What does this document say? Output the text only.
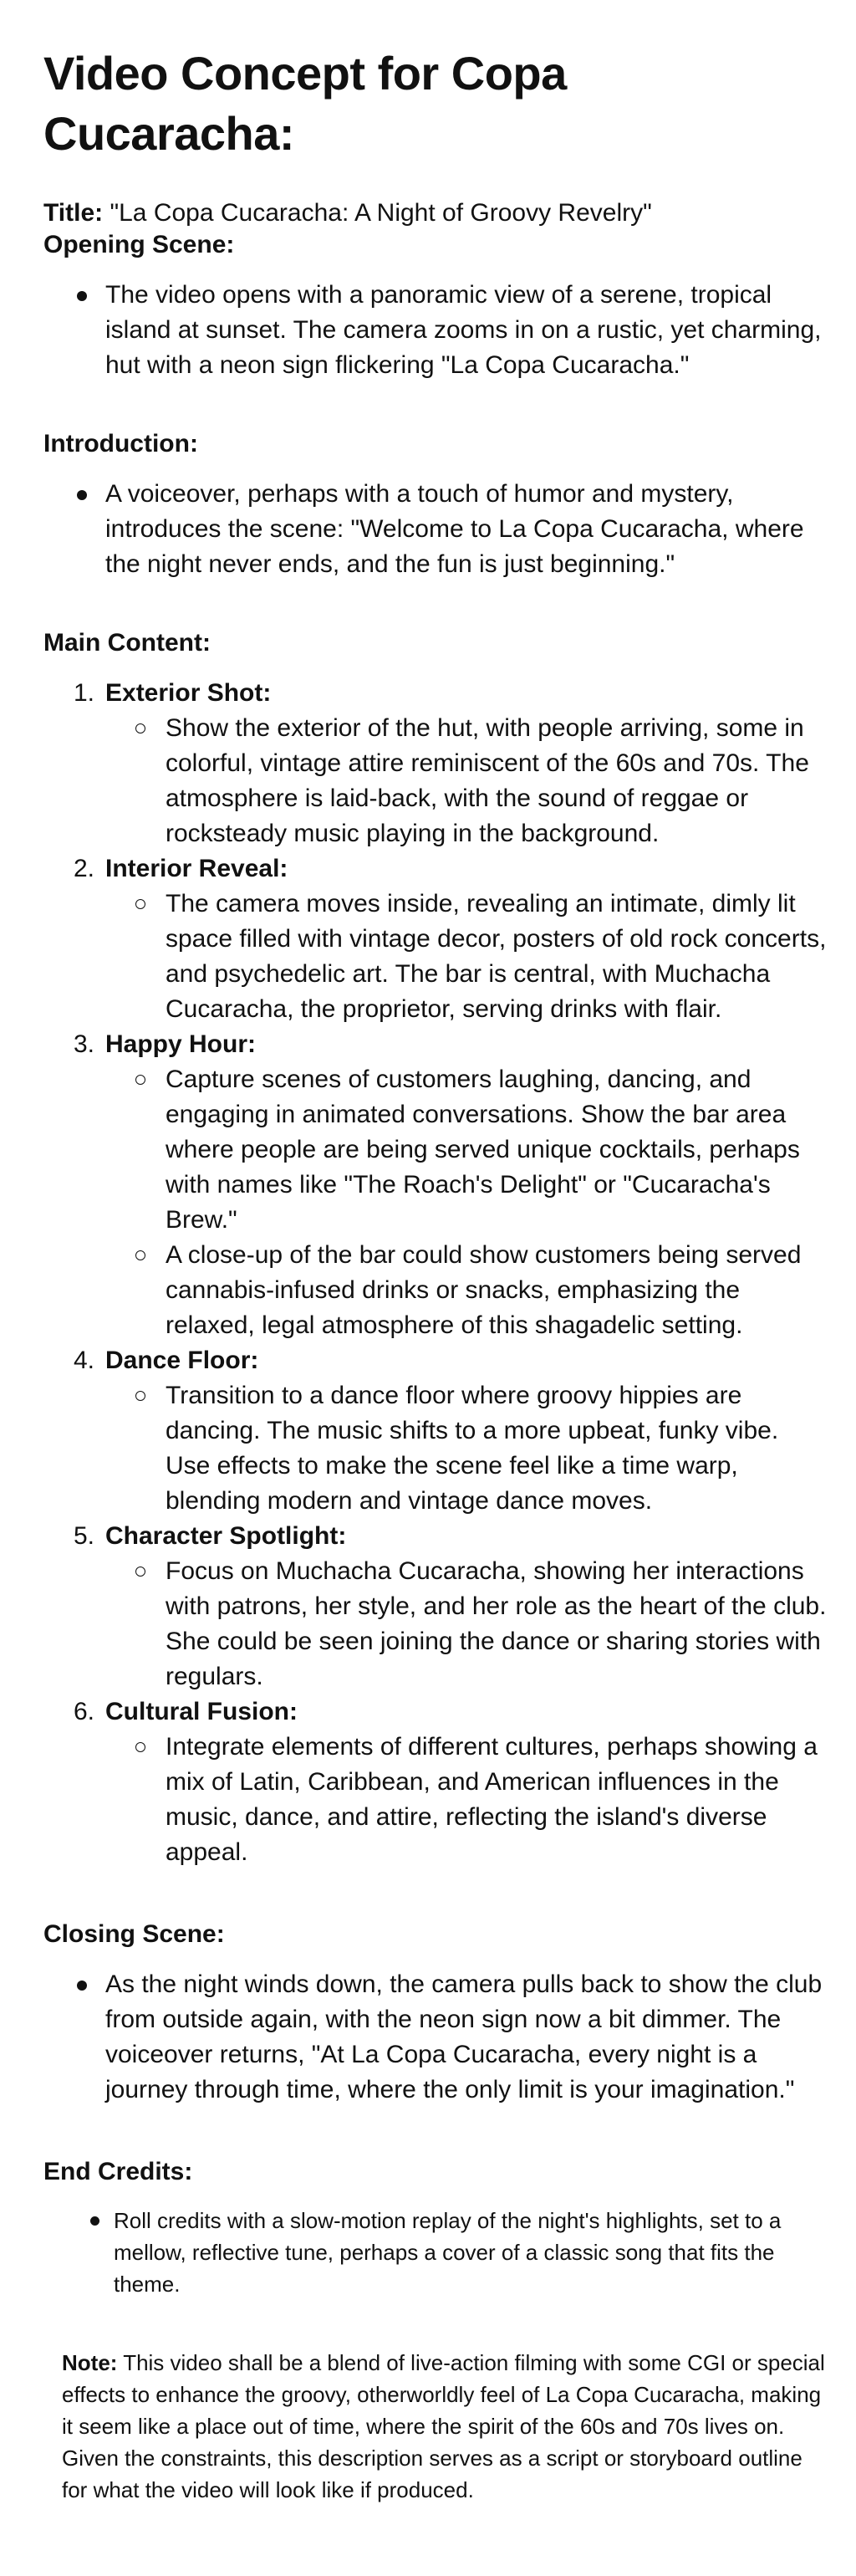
Video Concept for Copa Cucaracha:

Title: "La Copa Cucaracha: A Night of Groovy Revelry"

Opening Scene:

The video opens with a panoramic view of a serene, tropical island at sunset. The camera zooms in on a rustic, yet charming, hut with a neon sign flickering "La Copa Cucaracha."

Introduction:

A voiceover, perhaps with a touch of humor and mystery, introduces the scene: "Welcome to La Copa Cucaracha, where the night never ends, and the fun is just beginning."

Main Content:

1. Exterior Shot:
Show the exterior of the hut, with people arriving, some in colorful, vintage attire reminiscent of the 60s and 70s. The atmosphere is laid-back, with the sound of reggae or rocksteady music playing in the background.
2. Interior Reveal:
The camera moves inside, revealing an intimate, dimly lit space filled with vintage decor, posters of old rock concerts, and psychedelic art. The bar is central, with Muchacha Cucaracha, the proprietor, serving drinks with flair.
3. Happy Hour:
Capture scenes of customers laughing, dancing, and engaging in animated conversations. Show the bar area where people are being served unique cocktails, perhaps with names like "The Roach's Delight" or "Cucaracha's Brew."
A close-up of the bar could show customers being served cannabis-infused drinks or snacks, emphasizing the relaxed, legal atmosphere of this shagadelic setting.
4. Dance Floor:
Transition to a dance floor where groovy hippies are dancing. The music shifts to a more upbeat, funky vibe. Use effects to make the scene feel like a time warp, blending modern and vintage dance moves.
5. Character Spotlight:
Focus on Muchacha Cucaracha, showing her interactions with patrons, her style, and her role as the heart of the club. She could be seen joining the dance or sharing stories with regulars.
6. Cultural Fusion:
Integrate elements of different cultures, perhaps showing a mix of Latin, Caribbean, and American influences in the music, dance, and attire, reflecting the island's diverse appeal.

Closing Scene:

As the night winds down, the camera pulls back to show the club from outside again, with the neon sign now a bit dimmer. The voiceover returns, "At La Copa Cucaracha, every night is a journey through time, where the only limit is your imagination."

End Credits:

Roll credits with a slow-motion replay of the night's highlights, set to a mellow, reflective tune, perhaps a cover of a classic song that fits the theme.

Note: This video shall be a blend of live-action filming with some CGI or special effects to enhance the groovy, otherworldly feel of La Copa Cucaracha, making it seem like a place out of time, where the spirit of the 60s and 70s lives on. Given the constraints, this description serves as a script or storyboard outline for what the video will look like if produced.
